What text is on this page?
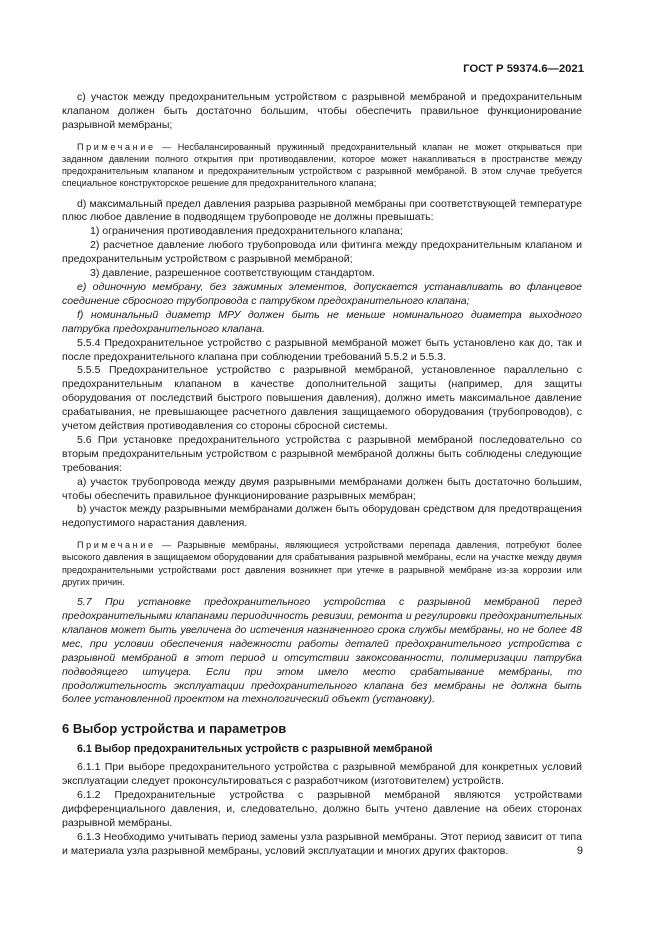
ГОСТ Р 59374.6—2021

c) участок между предохранительным устройством с разрывной мембраной и предохранительным клапаном должен быть достаточно большим, чтобы обеспечить правильное функционирование разрывной мембраны;

Примечание — Несбалансированный пружинный предохранительный клапан не может открываться при заданном давлении полного открытия при противодавлении, которое может накапливаться в пространстве между предохранительным клапаном и предохранительным устройством с разрывной мембраной. В этом случае требуется специальное конструкторское решение для предохранительного клапана;

d) максимальный предел давления разрыва разрывной мембраны при соответствующей температуре плюс любое давление в подводящем трубопроводе не должны превышать:

1) ограничения противодавления предохранительного клапана;

2) расчетное давление любого трубопровода или фитинга между предохранительным клапаном и предохранительным устройством с разрывной мембраной;

3) давление, разрешенное соответствующим стандартом.

e) одиночную мембрану, без зажимных элементов, допускается устанавливать во фланцевое соединение сбросного трубопровода с патрубком предохранительного клапана;

f) номинальный диаметр МРУ должен быть не меньше номинального диаметра выходного патрубка предохранительного клапана.

5.5.4 Предохранительное устройство с разрывной мембраной может быть установлено как до, так и после предохранительного клапана при соблюдении требований 5.5.2 и 5.5.3.

5.5.5 Предохранительное устройство с разрывной мембраной, установленное параллельно с предохранительным клапаном в качестве дополнительной защиты (например, для защиты оборудования от последствий быстрого повышения давления), должно иметь максимальное давление срабатывания, не превышающее расчетного давления защищаемого оборудования (трубопроводов), с учетом действия противодавления со стороны сбросной системы.

5.6 При установке предохранительного устройства с разрывной мембраной последовательно со вторым предохранительным устройством с разрывной мембраной должны быть соблюдены следующие требования:

a) участок трубопровода между двумя разрывными мембранами должен быть достаточно большим, чтобы обеспечить правильное функционирование разрывных мембран;

b) участок между разрывными мембранами должен быть оборудован средством для предотвращения недопустимого нарастания давления.

Примечание — Разрывные мембраны, являющиеся устройствами перепада давления, потребуют более высокого давления в защищаемом оборудовании для срабатывания разрывной мембраны, если на участке между двумя предохранительными устройствами рост давления возникнет при утечке в разрывной мембране из-за коррозии или других причин.

5.7 При установке предохранительного устройства с разрывной мембраной перед предохранительными клапанами периодичность ревизии, ремонта и регулировки предохранительных клапанов может быть увеличена до истечения назначенного срока службы мембраны, но не более 48 мес, при условии обеспечения надежности работы деталей предохранительного устройства с разрывной мембраной в этот период и отсутствии закоксованности, полимеризации патрубка подводящего штуцера. Если при этом имело место срабатывание мембраны, то продолжительность эксплуатации предохранительного клапана без мембраны не должна быть более установленной проектом на технологический объект (установку).

6 Выбор устройства и параметров
6.1 Выбор предохранительных устройств с разрывной мембраной

6.1.1 При выборе предохранительного устройства с разрывной мембраной для конкретных условий эксплуатации следует проконсультироваться с разработчиком (изготовителем) устройств.

6.1.2 Предохранительные устройства с разрывной мембраной являются устройствами дифференциального давления, и, следовательно, должно быть учтено давление на обеих сторонах разрывной мембраны.

6.1.3 Необходимо учитывать период замены узла разрывной мембраны. Этот период зависит от типа и материала узла разрывной мембраны, условий эксплуатации и многих других факторов.	9
